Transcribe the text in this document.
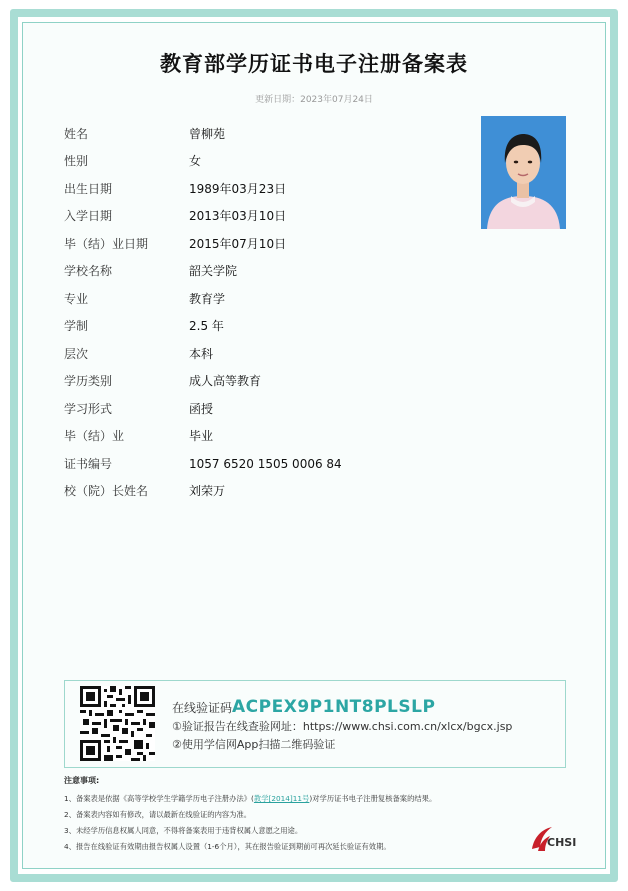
教育部学历证书电子注册备案表
更新日期：2023年07月24日
姓名	曾柳苑
性别	女
出生日期	1989年03月23日
入学日期	2013年03月10日
毕（结）业日期	2015年07月10日
学校名称	韶关学院
专业	教育学
学制	2.5 年
层次	本科
学历类别	成人高等教育
学习形式	函授
毕（结）业	毕业
证书编号	1057 6520 1505 0006 84
校（院）长姓名	刘荣万
在线验证码ACPEX9P1NT8PLSLP
①验证报告在线查验网址：https://www.chsi.com.cn/xlcx/bgcx.jsp
②使用学信网App扫描二维码验证
注意事项:
1、备案表是依据《高等学校学生学籍学历电子注册办法》(教学[2014]11号)对学历证书电子注册复核备案的结果。
2、备案表内容如有修改，请以最新在线验证的内容为准。
3、未经学历信息权属人同意，不得将备案表用于违背权属人意愿之用途。
4、报告在线验证有效期由报告权属人设置（1-6个月），其在报告验证到期前可再次延长验证有效期。	CHSI
